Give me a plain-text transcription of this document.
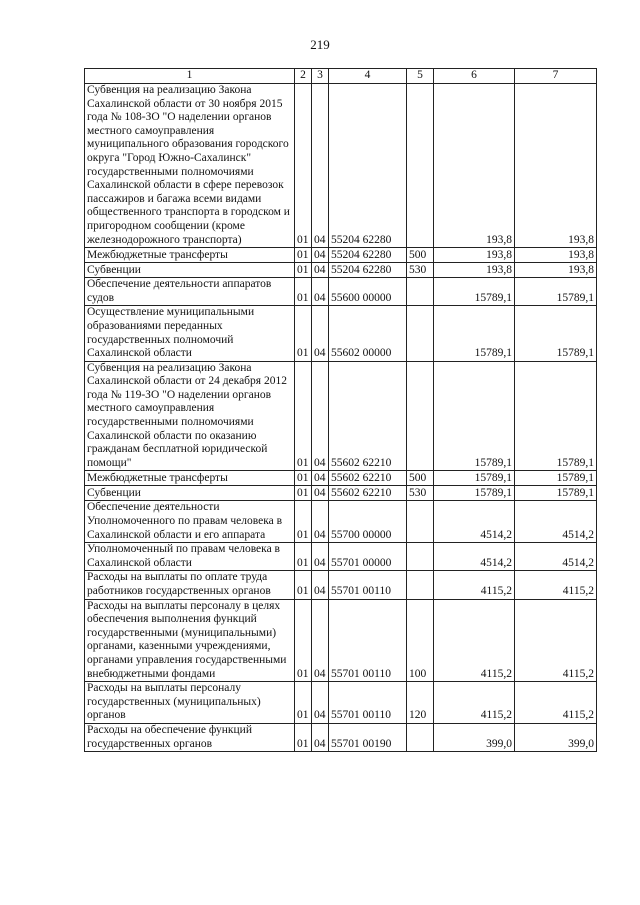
219
1	2	3	4	5	6	7
Субвенция на реализацию Закона Сахалинской области от 30 ноября 2015 года № 108-ЗО "О наделении органов местного самоуправления муниципального образования городского округа "Город Южно-Сахалинск" государственными полномочиями Сахалинской области в сфере перевозок пассажиров и багажа всеми видами общественного транспорта в городском и пригородном сообщении (кроме железнодорожного транспорта)	01	04	55204 62280		193,8	193,8
Межбюджетные трансферты	01	04	55204 62280	500	193,8	193,8
Субвенции	01	04	55204 62280	530	193,8	193,8
Обеспечение деятельности аппаратов судов	01	04	55600 00000		15789,1	15789,1
Осуществление муниципальными образованиями переданных государственных полномочий Сахалинской области	01	04	55602 00000		15789,1	15789,1
Субвенция на реализацию Закона Сахалинской области от 24 декабря 2012 года № 119-ЗО "О наделении органов местного самоуправления государственными полномочиями Сахалинской области по оказанию гражданам бесплатной юридической помощи"	01	04	55602 62210		15789,1	15789,1
Межбюджетные трансферты	01	04	55602 62210	500	15789,1	15789,1
Субвенции	01	04	55602 62210	530	15789,1	15789,1
Обеспечение деятельности Уполномоченного по правам человека в Сахалинской области и его аппарата	01	04	55700 00000		4514,2	4514,2
Уполномоченный по правам человека в Сахалинской области	01	04	55701 00000		4514,2	4514,2
Расходы на выплаты по оплате труда работников государственных органов	01	04	55701 00110		4115,2	4115,2
Расходы на выплаты персоналу в целях обеспечения выполнения функций государственными (муниципальными) органами, казенными учреждениями, органами управления государственными внебюджетными фондами	01	04	55701 00110	100	4115,2	4115,2
Расходы на выплаты персоналу государственных (муниципальных) органов	01	04	55701 00110	120	4115,2	4115,2
Расходы на обеспечение функций государственных органов	01	04	55701 00190		399,0	399,0
